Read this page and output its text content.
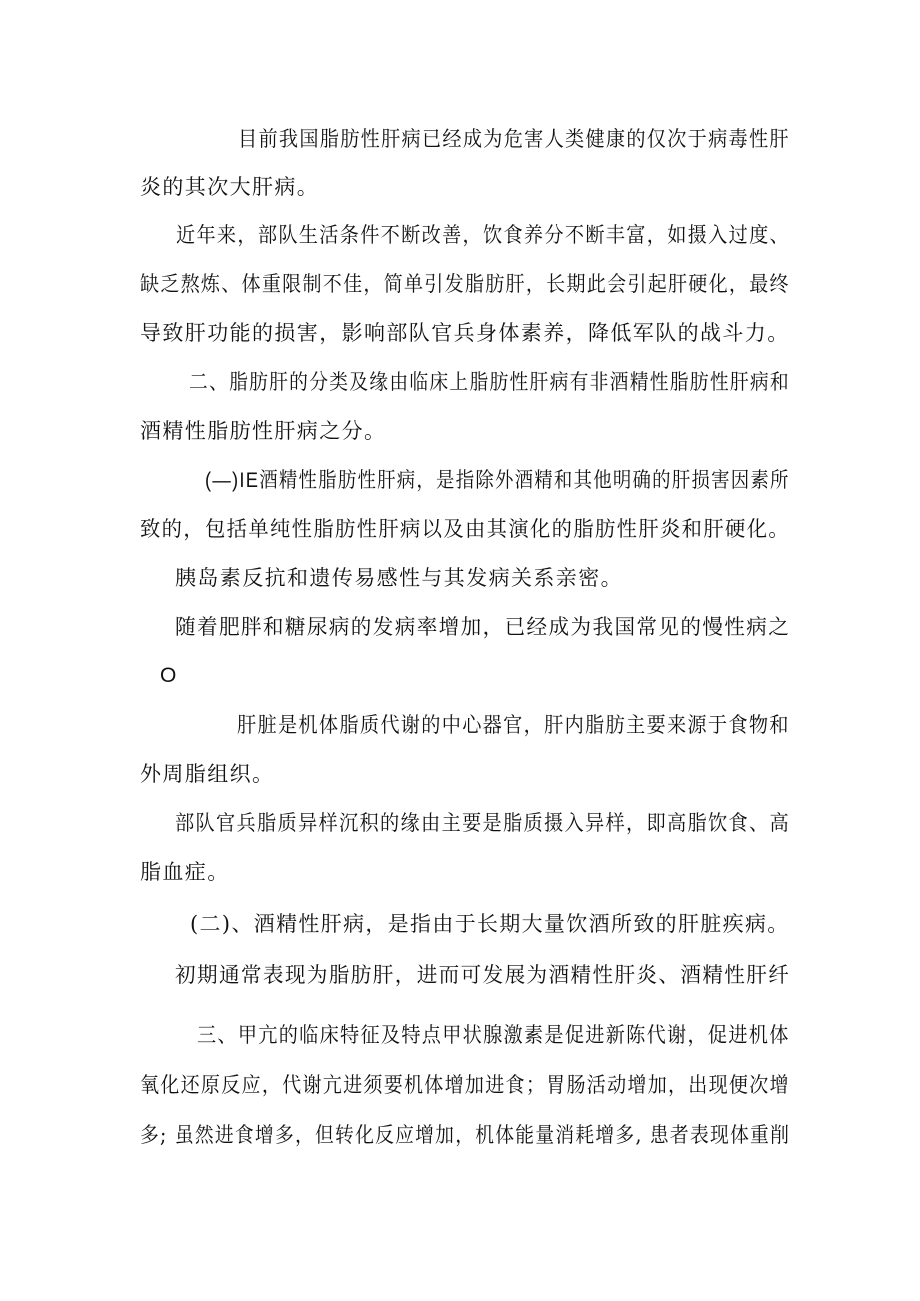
目前我国脂肪性肝病已经成为危害人类健康的仅次于病毒性肝
炎的其次大肝病。
近年来，部队生活条件不断改善，饮食养分不断丰富，如摄入过度、
缺乏熬炼、体重限制不佳，简单引发脂肪肝，长期此会引起肝硬化，最终
导致肝功能的损害，影响部队官兵身体素养，降低军队的战斗力。
二、脂肪肝的分类及缘由临床上脂肪性肝病有非酒精性脂肪性肝病和
酒精性脂肪性肝病之分。
(—)IE酒精性脂肪性肝病，是指除外酒精和其他明确的肝损害因素所
致的，包括单纯性脂肪性肝病以及由其演化的脂肪性肝炎和肝硬化。
胰岛素反抗和遗传易感性与其发病关系亲密。
随着肥胖和糖尿病的发病率增加，已经成为我国常见的慢性病之
O
肝脏是机体脂质代谢的中心器官，肝内脂肪主要来源于食物和
外周脂组织。
部队官兵脂质异样沉积的缘由主要是脂质摄入异样，即高脂饮食、高
脂血症。
(二)、酒精性肝病，是指由于长期大量饮酒所致的肝脏疾病。
初期通常表现为脂肪肝，进而可发展为酒精性肝炎、酒精性肝纤
三、甲亢的临床特征及特点甲状腺激素是促进新陈代谢，促进机体
氧化还原反应，代谢亢进须要机体增加进食；胃肠活动增加，出现便次增
多; 虽然进食增多，但转化反应增加，机体能量消耗增多, 患者表现体重削
